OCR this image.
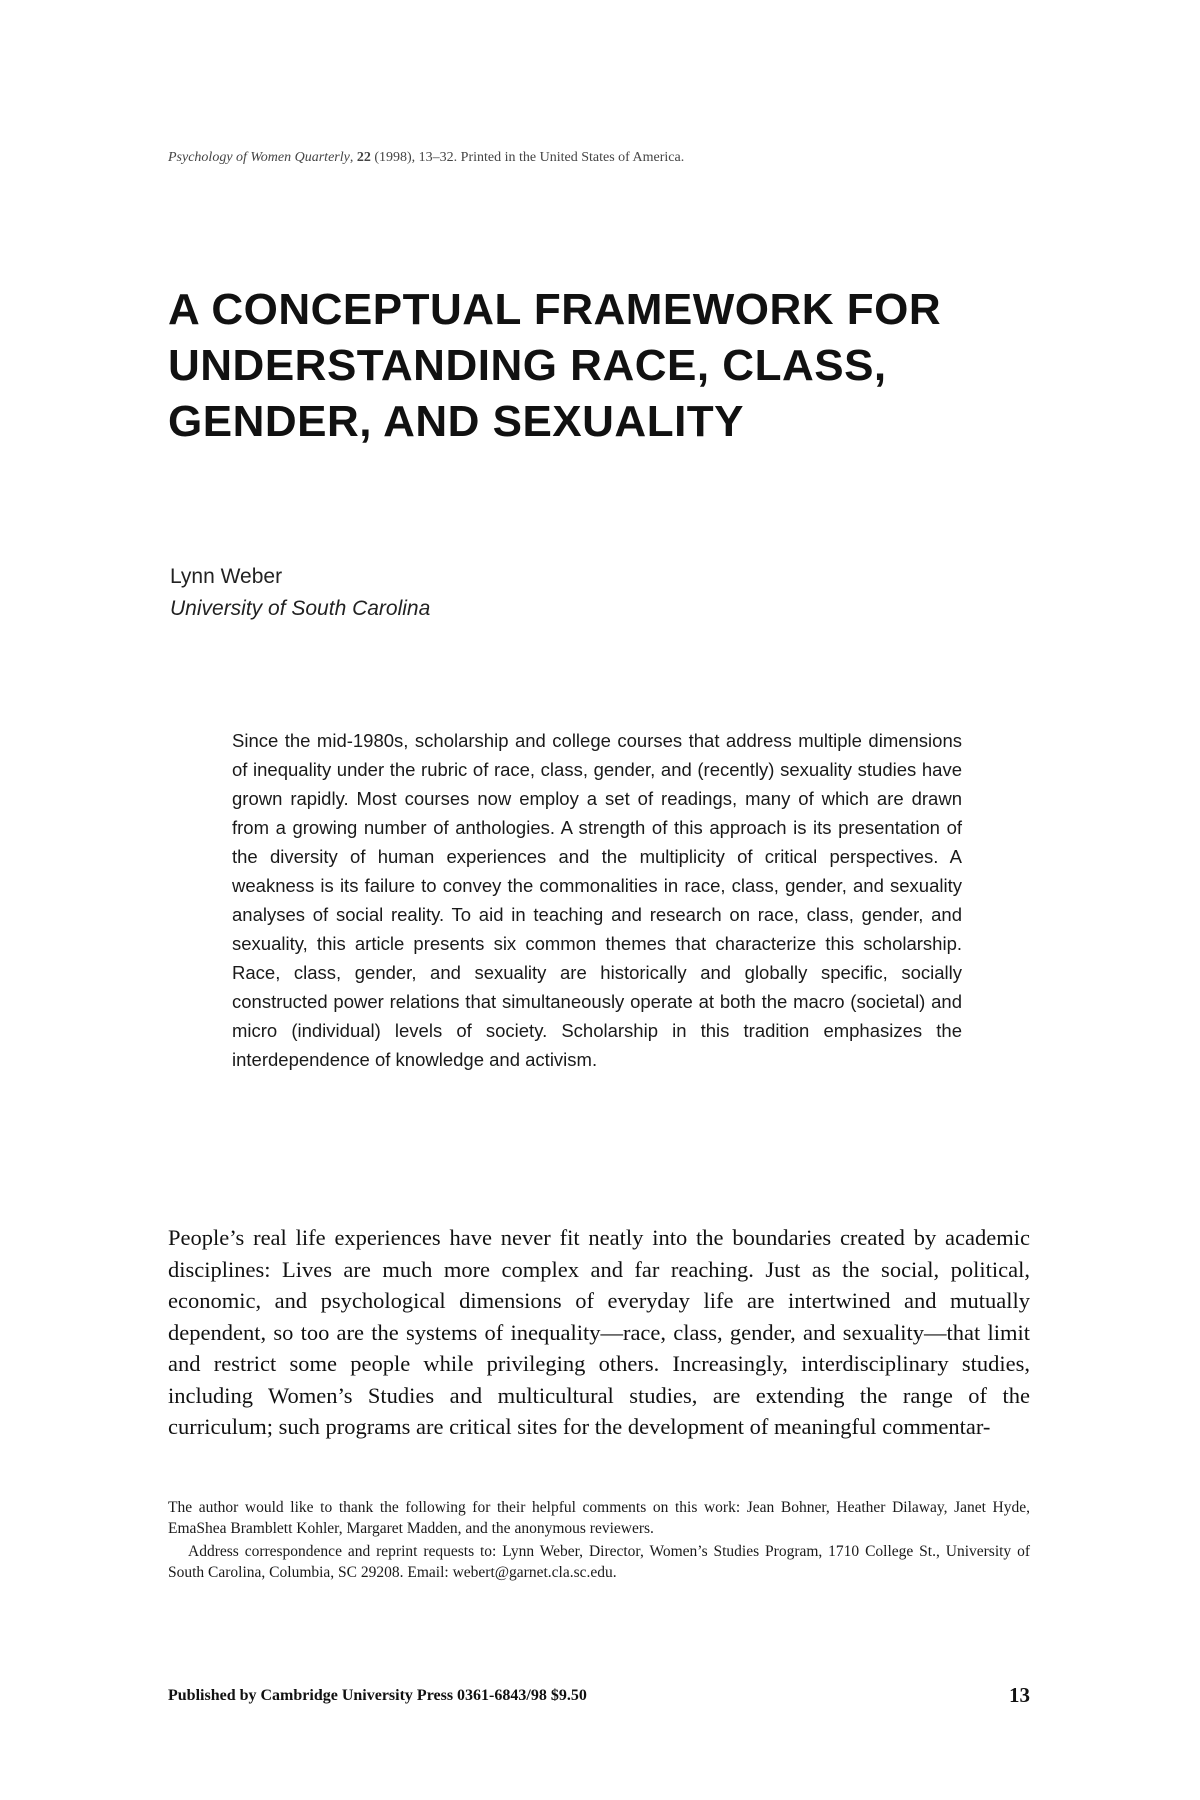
Psychology of Women Quarterly, 22 (1998), 13–32. Printed in the United States of America.
A CONCEPTUAL FRAMEWORK FOR
UNDERSTANDING RACE, CLASS,
GENDER, AND SEXUALITY
Lynn Weber
University of South Carolina

Since the mid-1980s, scholarship and college courses that address multiple dimensions of inequality under the rubric of race, class, gender, and (recently) sexuality studies have grown rapidly. Most courses now employ a set of readings, many of which are drawn from a growing number of anthologies. A strength of this approach is its presentation of the diversity of human experiences and the multiplicity of critical perspectives. A weakness is its failure to convey the commonalities in race, class, gender, and sexuality analyses of social reality. To aid in teaching and research on race, class, gender, and sexuality, this article presents six common themes that characterize this scholarship. Race, class, gender, and sexuality are historically and globally specific, socially constructed power relations that simultaneously operate at both the macro (societal) and micro (individual) levels of society. Scholarship in this tradition emphasizes the interdependence of knowledge and activism.

People’s real life experiences have never fit neatly into the boundaries created by academic disciplines: Lives are much more complex and far reaching. Just as the social, political, economic, and psychological dimensions of everyday life are intertwined and mutually dependent, so too are the systems of inequality—race, class, gender, and sexuality—that limit and restrict some people while privileging others. Increasingly, interdisciplinary studies, including Women’s Studies and multicultural studies, are extending the range of the curriculum; such programs are critical sites for the development of meaningful commentar-

The author would like to thank the following for their helpful comments on this work: Jean Bohner, Heather Dilaway, Janet Hyde, EmaShea Bramblett Kohler, Margaret Madden, and the anonymous reviewers.

Address correspondence and reprint requests to: Lynn Weber, Director, Women’s Studies Program, 1710 College St., University of South Carolina, Columbia, SC 29208. Email: webert@garnet.cla.sc.edu.

Published by Cambridge University Press 0361-6843/98 $9.50	13
